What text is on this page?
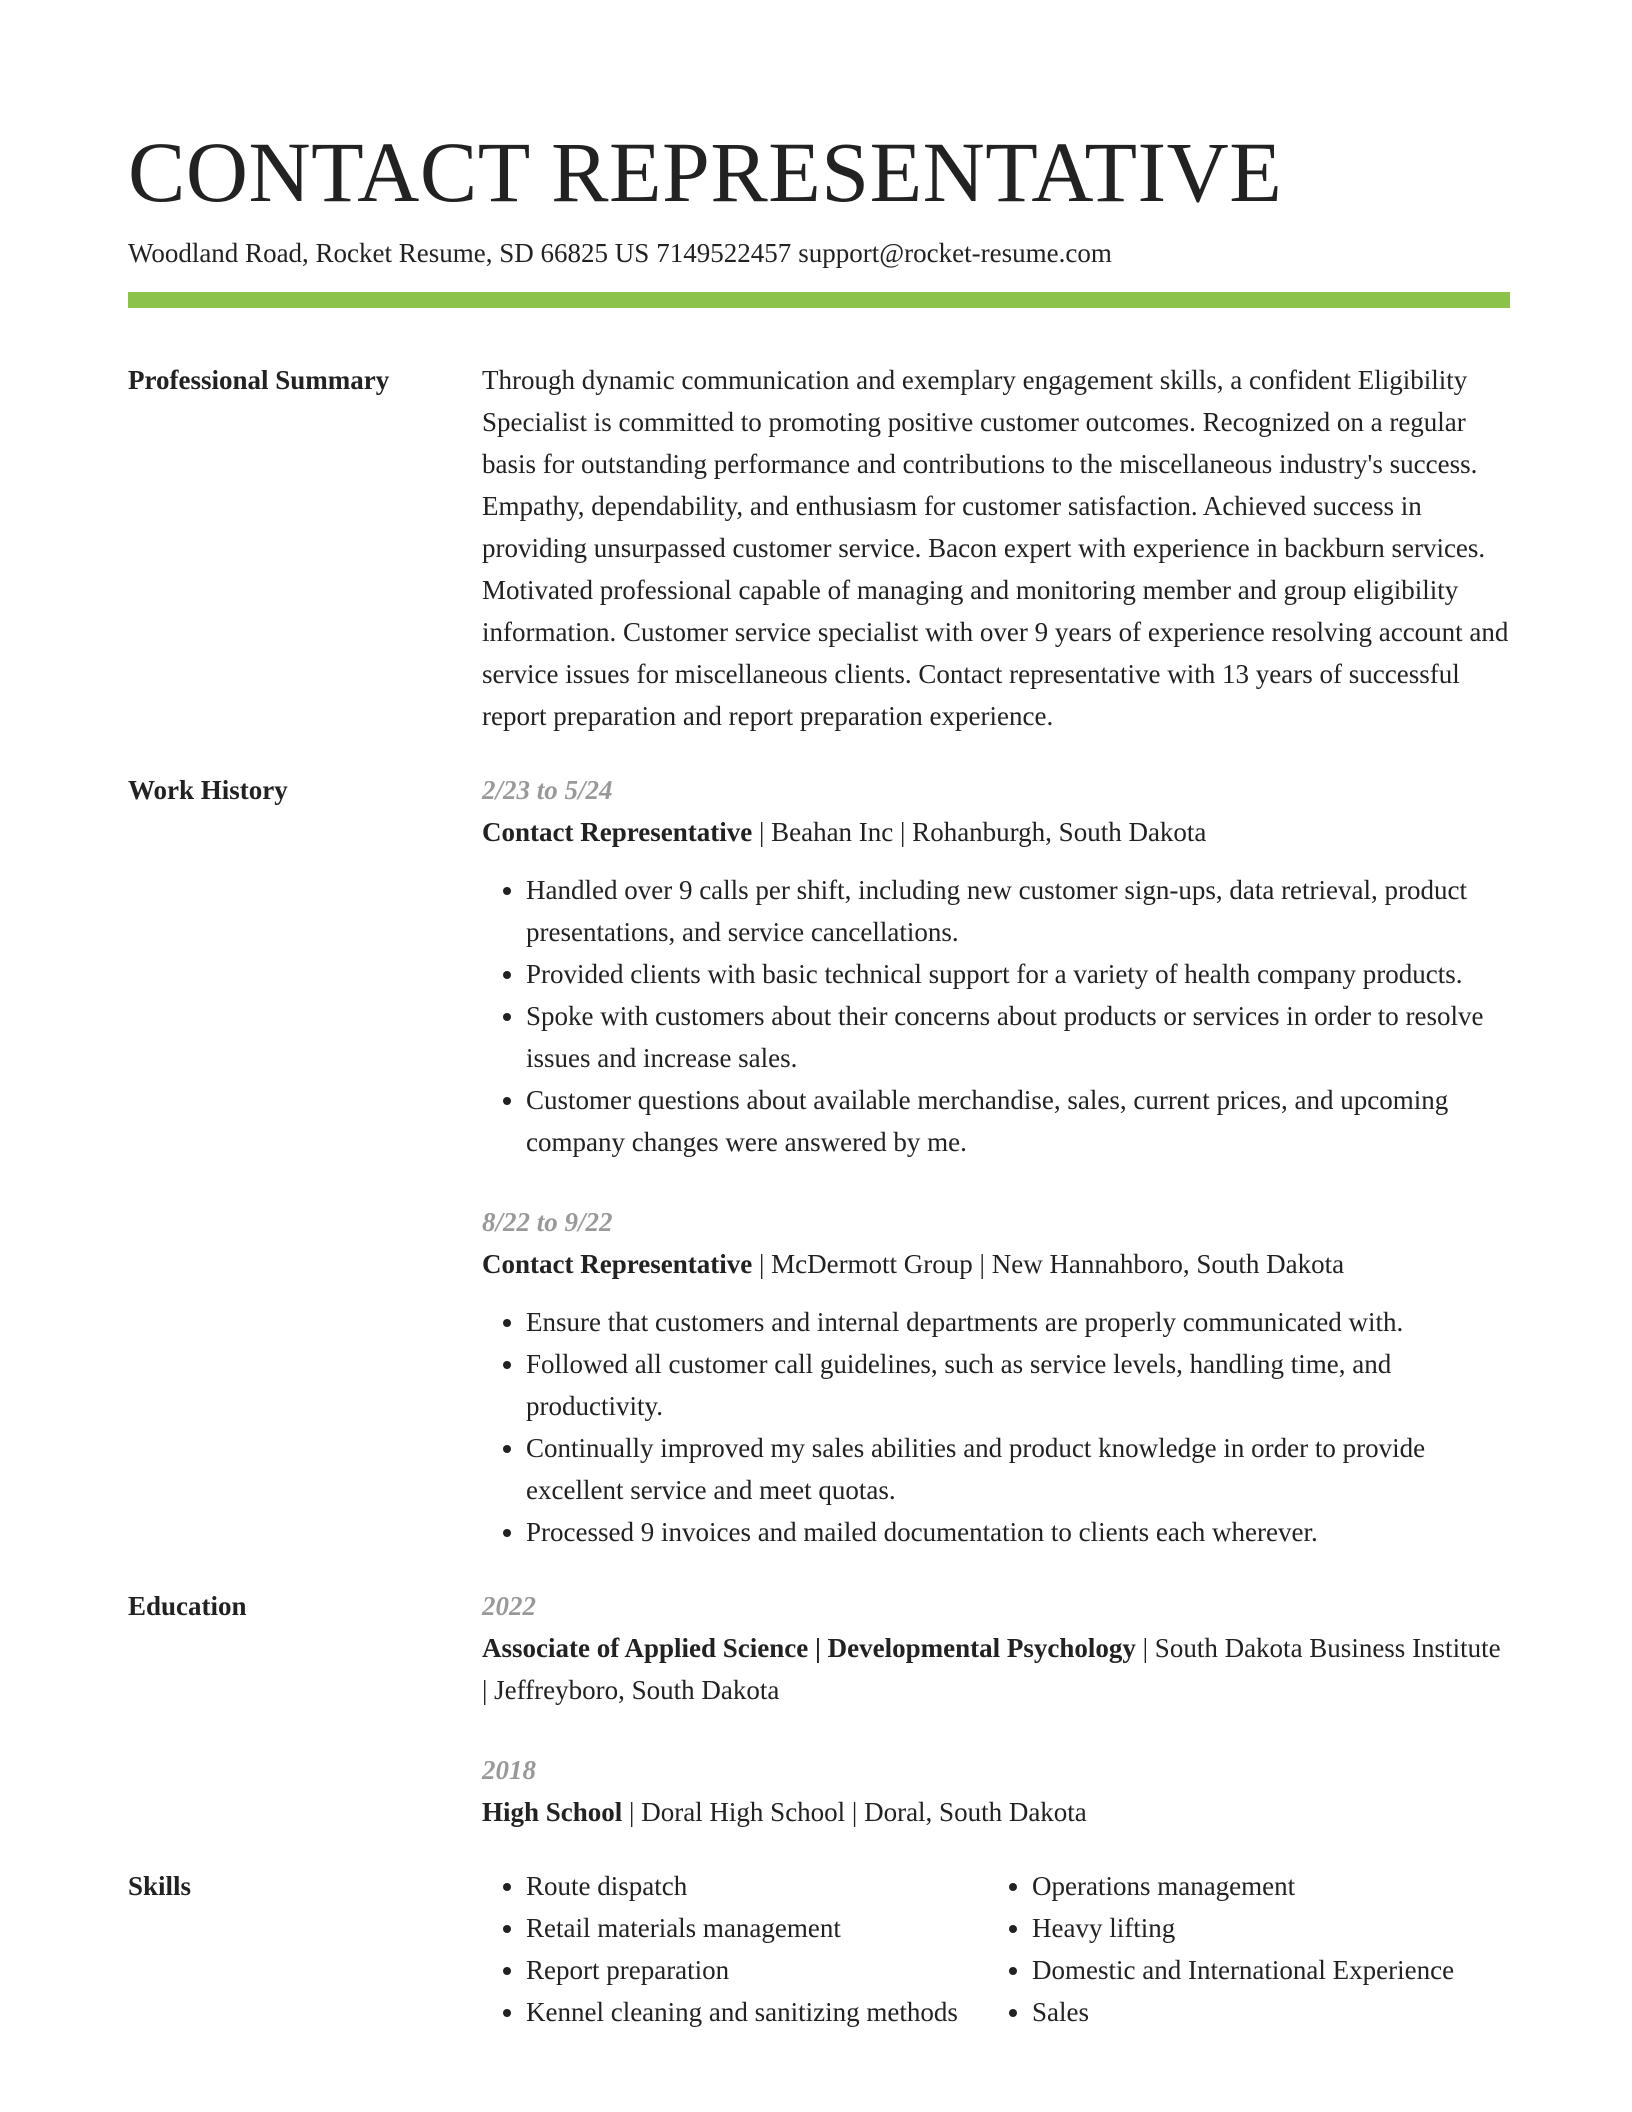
CONTACT REPRESENTATIVE
Woodland Road, Rocket Resume, SD 66825 US 7149522457 support@rocket-resume.com
Professional Summary	Through dynamic communication and exemplary engagement skills, a confident Eligibility Specialist is committed to promoting positive customer outcomes. Recognized on a regular basis for outstanding performance and contributions to the miscellaneous industry's success. Empathy, dependability, and enthusiasm for customer satisfaction. Achieved success in providing unsurpassed customer service. Bacon expert with experience in backburn services. Motivated professional capable of managing and monitoring member and group eligibility information. Customer service specialist with over 9 years of experience resolving account and service issues for miscellaneous clients. Contact representative with 13 years of successful report preparation and report preparation experience.

Work History	2/23 to 5/24
Contact Representative | Beahan Inc | Rohanburgh, South Dakota
• Handled over 9 calls per shift, including new customer sign-ups, data retrieval, product presentations, and service cancellations.
• Provided clients with basic technical support for a variety of health company products.
• Spoke with customers about their concerns about products or services in order to resolve issues and increase sales.
• Customer questions about available merchandise, sales, current prices, and upcoming company changes were answered by me.
8/22 to 9/22
Contact Representative | McDermott Group | New Hannahboro, South Dakota
• Ensure that customers and internal departments are properly communicated with.
• Followed all customer call guidelines, such as service levels, handling time, and productivity.
• Continually improved my sales abilities and product knowledge in order to provide excellent service and meet quotas.
• Processed 9 invoices and mailed documentation to clients each wherever.
Education	2022
Associate of Applied Science | Developmental Psychology | South Dakota Business Institute | Jeffreyboro, South Dakota
2018
High School | Doral High School | Doral, South Dakota
Skills
•	Route dispatch
• Retail materials management
• Report preparation
• Kennel cleaning and sanitizing methods
• Operations management
• Heavy lifting
• Domestic and International Experience
• Sales
